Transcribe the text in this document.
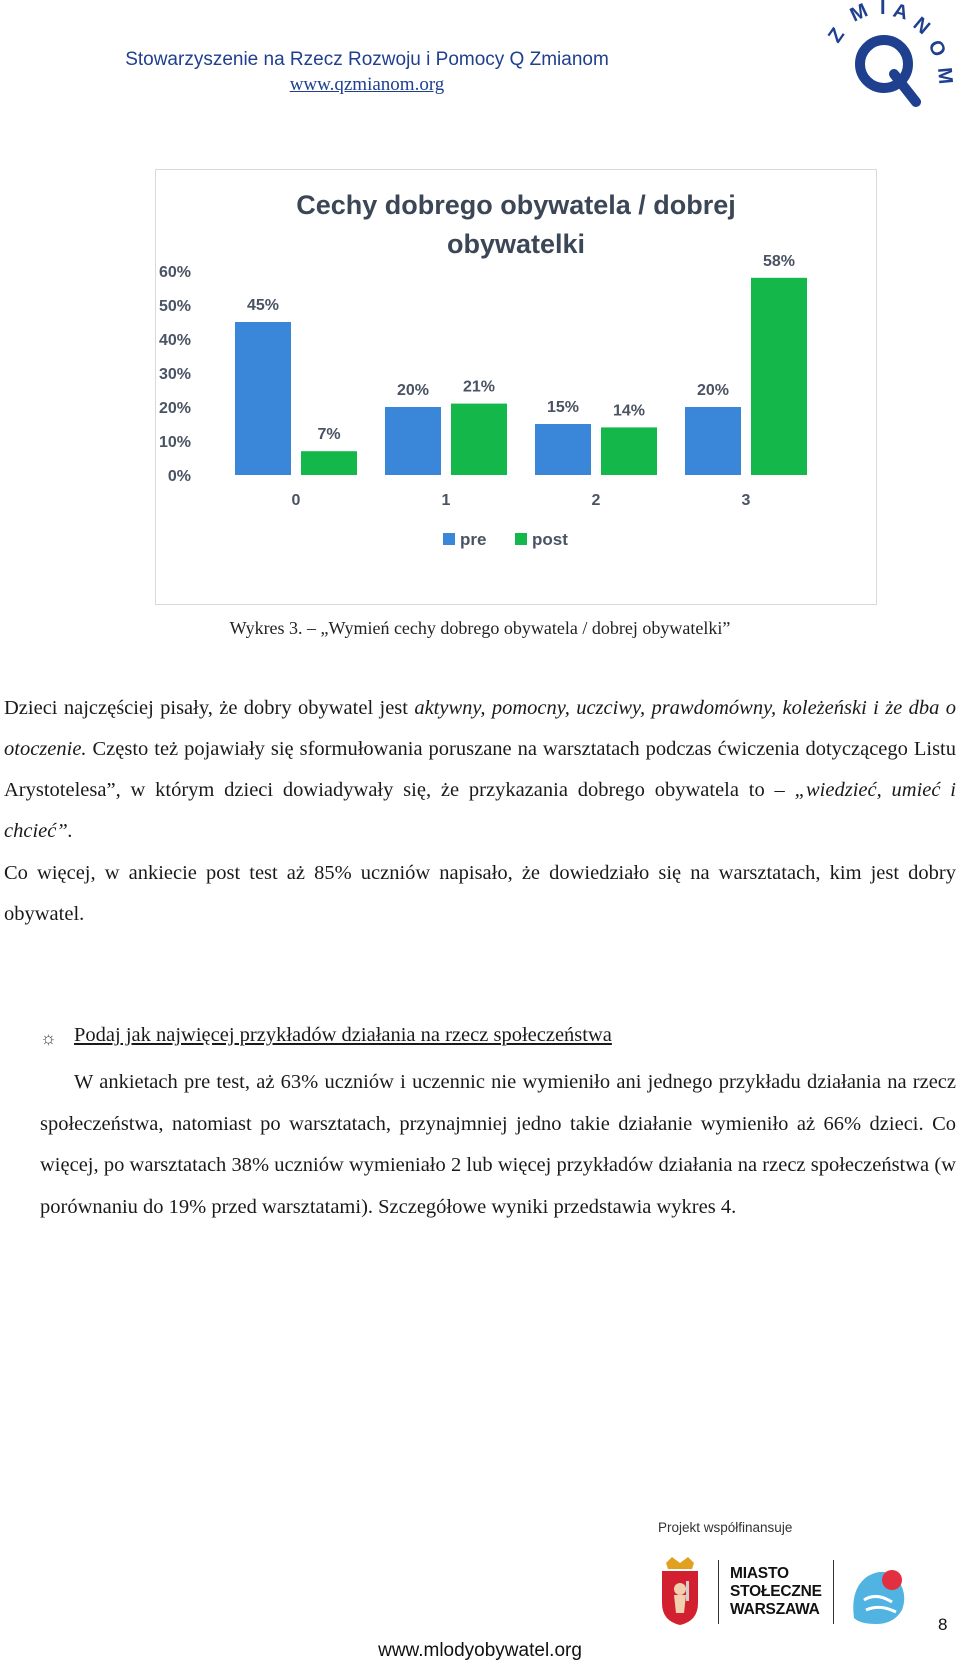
Stowarzyszenie na Rzecz Rozwoju i Pomocy Q Zmianom
www.qzmianom.org
Z
M I A
N
O
M
Cechy dobrego obywatela / dobrej
obywatelki
0%
10%
20%
30%
40%
50%
60%
45%
7%
20% 21%
15% 14%
20%
58%
0	1	2	3
pre	post
Wykres 3. – „Wymień cechy dobrego obywatela / dobrej obywatelki”
Dzieci najczęściej pisały, że dobry obywatel jest aktywny, pomocny, uczciwy, prawdomówny, koleżeński i że dba o otoczenie. Często też pojawiały się sformułowania poruszane na warsztatach podczas ćwiczenia dotyczącego Listu Arystotelesa”, w którym dzieci dowiadywały się, że przykazania dobrego obywatela to – „wiedzieć, umieć i chcieć”.
Co więcej, w ankiecie post test aż 85% uczniów napisało, że dowiedziało się na warsztatach, kim jest dobry obywatel.
☼ Podaj jak najwięcej przykładów działania na rzecz społeczeństwa
W ankietach pre test, aż 63% uczniów i uczennic nie wymieniło ani jednego przykładu działania na rzecz społeczeństwa, natomiast po warsztatach, przynajmniej jedno takie działanie wymieniło aż 66% dzieci. Co więcej, po warsztatach 38% uczniów wymieniało 2 lub więcej przykładów działania na rzecz społeczeństwa (w porównaniu do 19% przed warsztatami). Szczegółowe wyniki przedstawia wykres 4.
Projekt współfinansuje
MIASTO
STOŁECZNE
WARSZAWA
8
www.mlodyobywatel.org
